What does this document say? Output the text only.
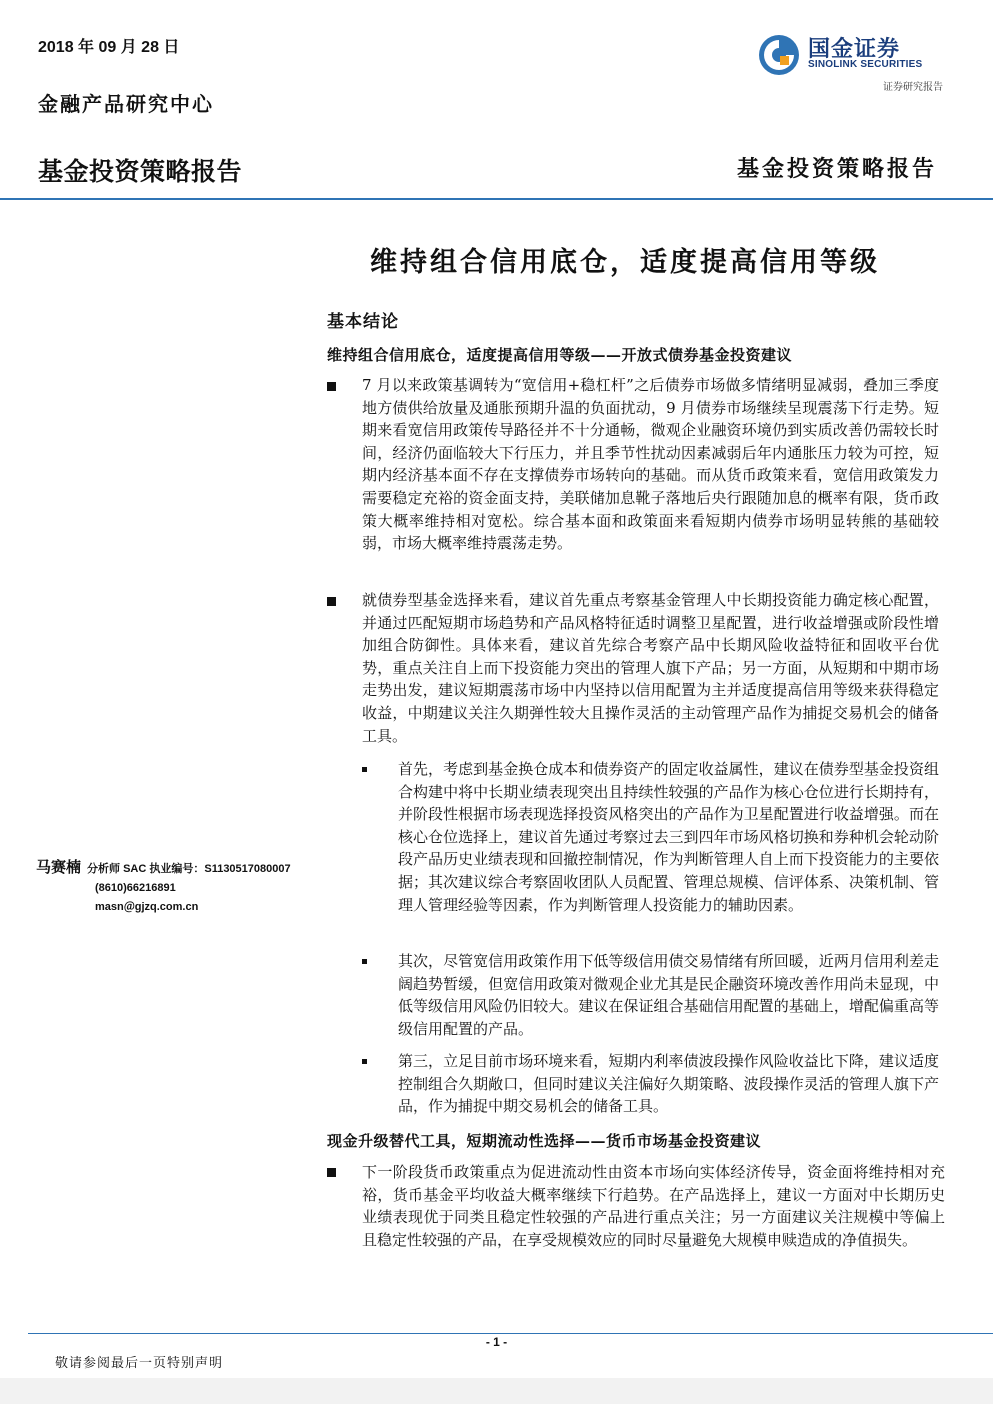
2018 年 09 月 28 日
金融产品研究中心
基金投资策略报告	基金投资策略报告
国金证券
SINOLINK SECURITIES
证券研究报告
维持组合信用底仓，适度提高信用等级
基本结论
维持组合信用底仓，适度提高信用等级——开放式债券基金投资建议
7 月以来政策基调转为“宽信用+稳杠杆”之后债券市场做多情绪明显减弱，叠加三季度地方债供给放量及通胀预期升温的负面扰动，9 月债券市场继续呈现震荡下行走势。短期来看宽信用政策传导路径并不十分通畅，微观企业融资环境仍到实质改善仍需较长时间，经济仍面临较大下行压力，并且季节性扰动因素减弱后年内通胀压力较为可控，短期内经济基本面不存在支撑债券市场转向的基础。而从货币政策来看，宽信用政策发力需要稳定充裕的资金面支持，美联储加息靴子落地后央行跟随加息的概率有限，货币政策大概率维持相对宽松。综合基本面和政策面来看短期内债券市场明显转熊的基础较弱，市场大概率维持震荡走势。
就债券型基金选择来看，建议首先重点考察基金管理人中长期投资能力确定核心配置，并通过匹配短期市场趋势和产品风格特征适时调整卫星配置，进行收益增强或阶段性增加组合防御性。具体来看，建议首先综合考察产品中长期风险收益特征和固收平台优势，重点关注自上而下投资能力突出的管理人旗下产品；另一方面，从短期和中期市场走势出发，建议短期震荡市场中内坚持以信用配置为主并适度提高信用等级来获得稳定收益，中期建议关注久期弹性较大且操作灵活的主动管理产品作为捕捉交易机会的储备工具。
首先，考虑到基金换仓成本和债券资产的固定收益属性，建议在债券型基金投资组合构建中将中长期业绩表现突出且持续性较强的产品作为核心仓位进行长期持有，并阶段性根据市场表现选择投资风格突出的产品作为卫星配置进行收益增强。而在核心仓位选择上，建议首先通过考察过去三到四年市场风格切换和券种机会轮动阶段产品历史业绩表现和回撤控制情况，作为判断管理人自上而下投资能力的主要依据；其次建议综合考察固收团队人员配置、管理总规模、信评体系、决策机制、管理人管理经验等因素，作为判断管理人投资能力的辅助因素。
其次，尽管宽信用政策作用下低等级信用债交易情绪有所回暖，近两月信用利差走阔趋势暂缓，但宽信用政策对微观企业尤其是民企融资环境改善作用尚未显现，中低等级信用风险仍旧较大。建议在保证组合基础信用配置的基础上，增配偏重高等级信用配置的产品。
第三，立足目前市场环境来看，短期内利率债波段操作风险收益比下降，建议适度控制组合久期敞口，但同时建议关注偏好久期策略、波段操作灵活的管理人旗下产品，作为捕捉中期交易机会的储备工具。
现金升级替代工具，短期流动性选择——货币市场基金投资建议
下一阶段货币政策重点为促进流动性由资本市场向实体经济传导，资金面将维持相对充裕，货币基金平均收益大概率继续下行趋势。在产品选择上，建议一方面对中长期历史业绩表现优于同类且稳定性较强的产品进行重点关注；另一方面建议关注规模中等偏上且稳定性较强的产品，在享受规模效应的同时尽量避免大规模申赎造成的净值损失。
马赛楠 分析师 SAC 执业编号：S1130517080007
(8610)66216891
masn＠gjzq.com.cn
- 1 -
敬请参阅最后一页特别声明
